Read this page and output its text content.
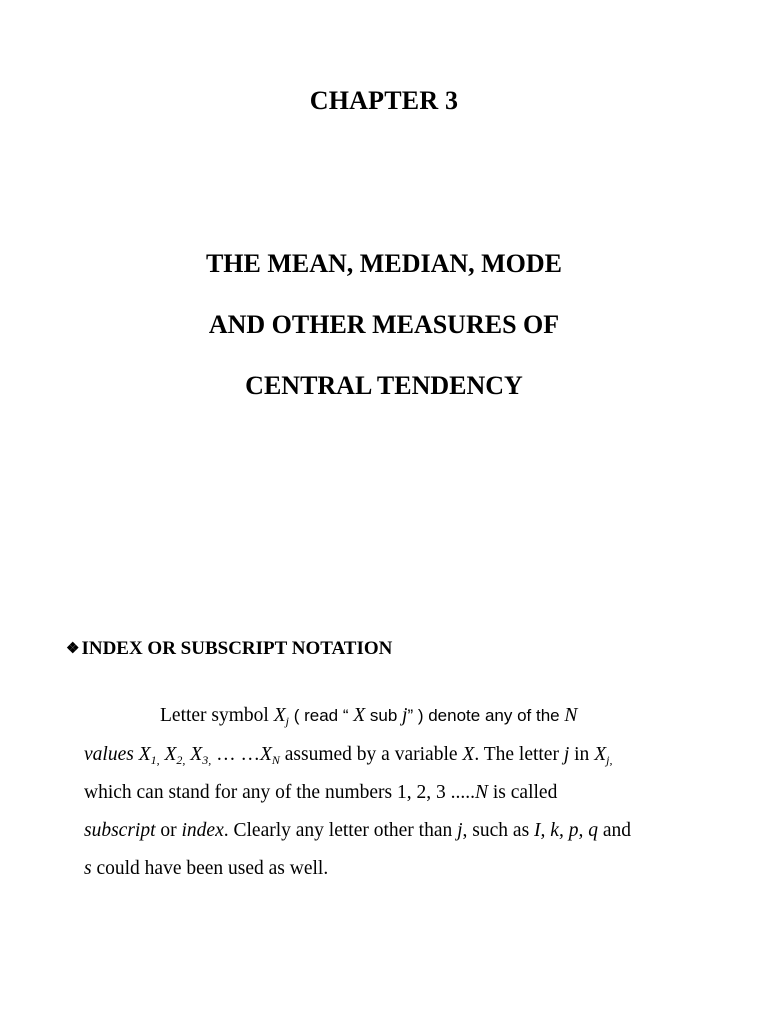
CHAPTER 3
THE MEAN, MEDIAN, MODE
AND OTHER MEASURES OF
CENTRAL TENDENCY
❖ INDEX OR SUBSCRIPT NOTATION
Letter symbol $X_j$ ( read “ X sub j” ) denote any of the N
values $X_{1,}$ $X_{2,}$ $X_{3,}$ … $\dots X_N$ assumed by a variable X. The letter j in $X_{j,}$
which can stand for any of the numbers 1, 2, 3 .....N is called
subscript or index. Clearly any letter other than j, such as I, k, p, q and
s could have been used as well.
